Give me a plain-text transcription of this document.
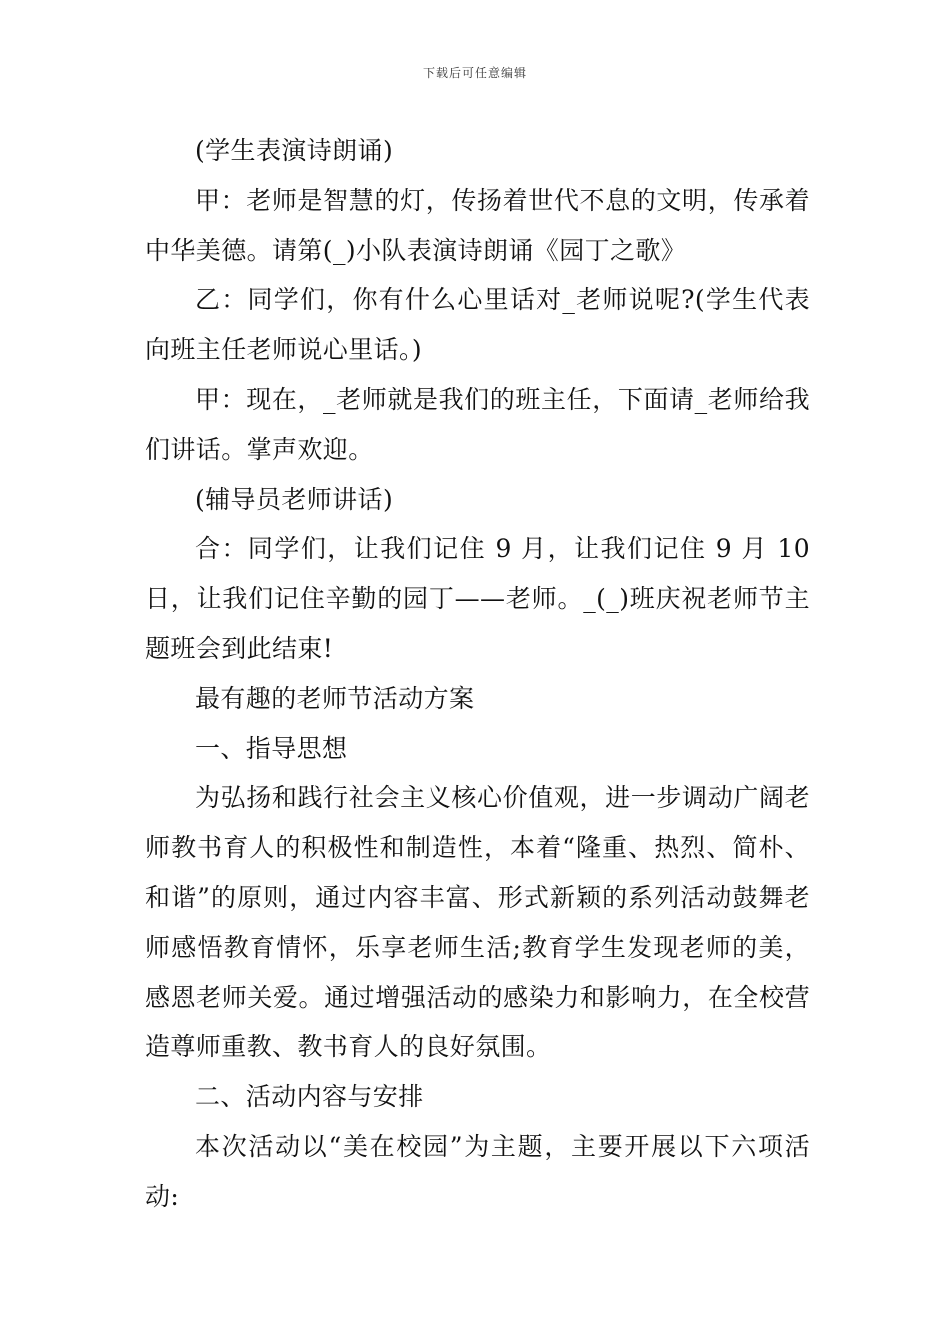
下载后可任意编辑

(学生表演诗朗诵)

甲：老师是智慧的灯，传扬着世代不息的文明，传承着中华美德。请第(_)小队表演诗朗诵《园丁之歌》

乙：同学们，你有什么心里话对_老师说呢?(学生代表向班主任老师说心里话。)

甲：现在，_老师就是我们的班主任，下面请_老师给我们讲话。掌声欢迎。

(辅导员老师讲话)

合：同学们，让我们记住 9 月，让我们记住 9 月 10 日，让我们记住辛勤的园丁——老师。_(_)班庆祝老师节主题班会到此结束!

最有趣的老师节活动方案

一、指导思想

为弘扬和践行社会主义核心价值观，进一步调动广阔老师教书育人的积极性和制造性，本着“隆重、热烈、简朴、和谐”的原则，通过内容丰富、形式新颖的系列活动鼓舞老师感悟教育情怀，乐享老师生活;教育学生发现老师的美，感恩老师关爱。通过增强活动的感染力和影响力，在全校营造尊师重教、教书育人的良好氛围。

二、活动内容与安排

本次活动以“美在校园”为主题，主要开展以下六项活动:
